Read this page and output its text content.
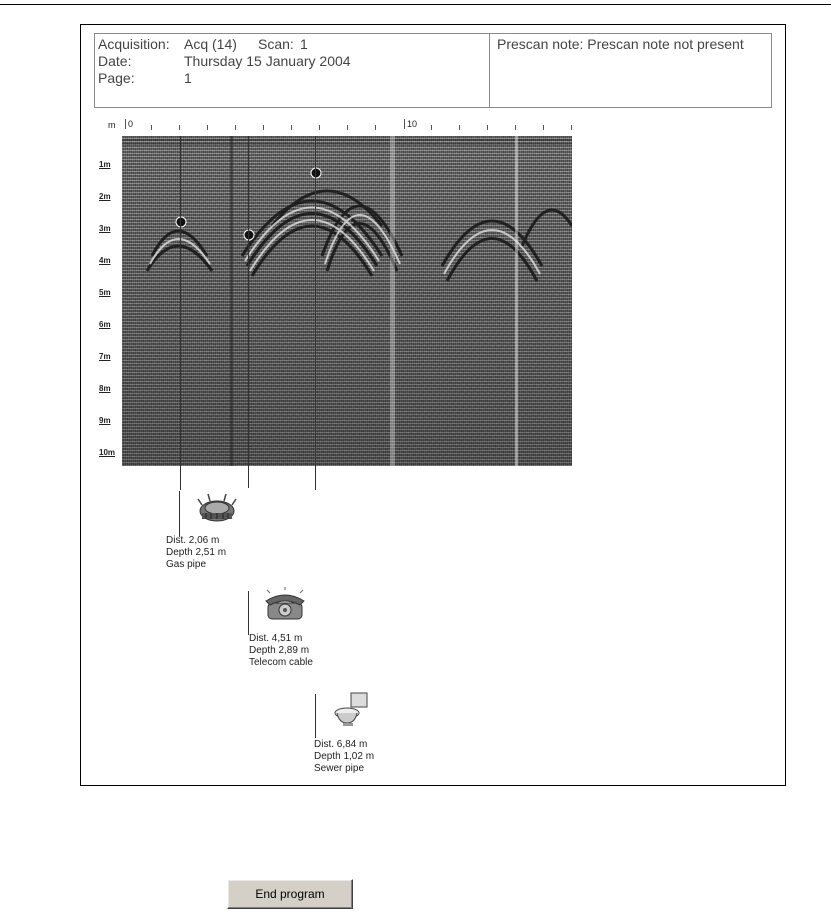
Acquisition: Acq (14) Scan: 1
Date:	Thursday 15 January 2004
Page:	1
Prescan note: Prescan note not present
m	0	10
1m
2m
3m
4m
5m
6m
7m
8m
9m
10m
Dist. 2,06 m
Depth 2,51 m
Gas pipe
Dist. 4,51 m
Depth 2,89 m
Telecom cable
Dist. 6,84 m
Depth 1,02 m
Sewer pipe
End program
